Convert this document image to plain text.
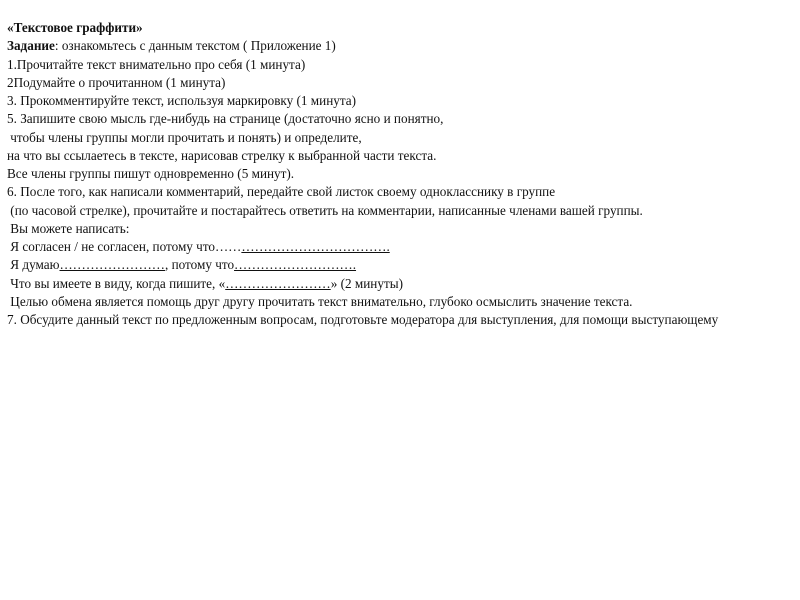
«Текстовое граффити»
Задание: ознакомьтесь с данным текстом ( Приложение 1)
1.Прочитайте текст внимательно про себя (1 минута)
2Подумайте о прочитанном (1 минута)
3. Прокомментируйте текст, используя маркировку (1 минута)
5. Запишите свою мысль где-нибудь на странице (достаточно ясно и понятно,
чтобы члены группы могли прочитать и понять) и определите,
на что вы ссылаетесь в тексте, нарисовав стрелку к выбранной части текста.
Все члены группы пишут одновременно (5 минут).
6. После того, как написали комментарий, передайте свой листок своему однокласснику в группе
(по часовой стрелке), прочитайте и постарайтесь ответить на комментарии, написанные членами вашей группы.
Вы можете написать:
Я согласен / не согласен, потому что………………………………….
Я думаю……………………, потому что……………………….
Что вы имеете в виду, когда пишите, «……………………» (2 минуты)
Целью обмена является помощь друг другу прочитать текст внимательно, глубоко осмыслить значение текста.
7. Обсудите данный текст по предложенным вопросам, подготовьте модератора для выступления, для помощи выступающему
